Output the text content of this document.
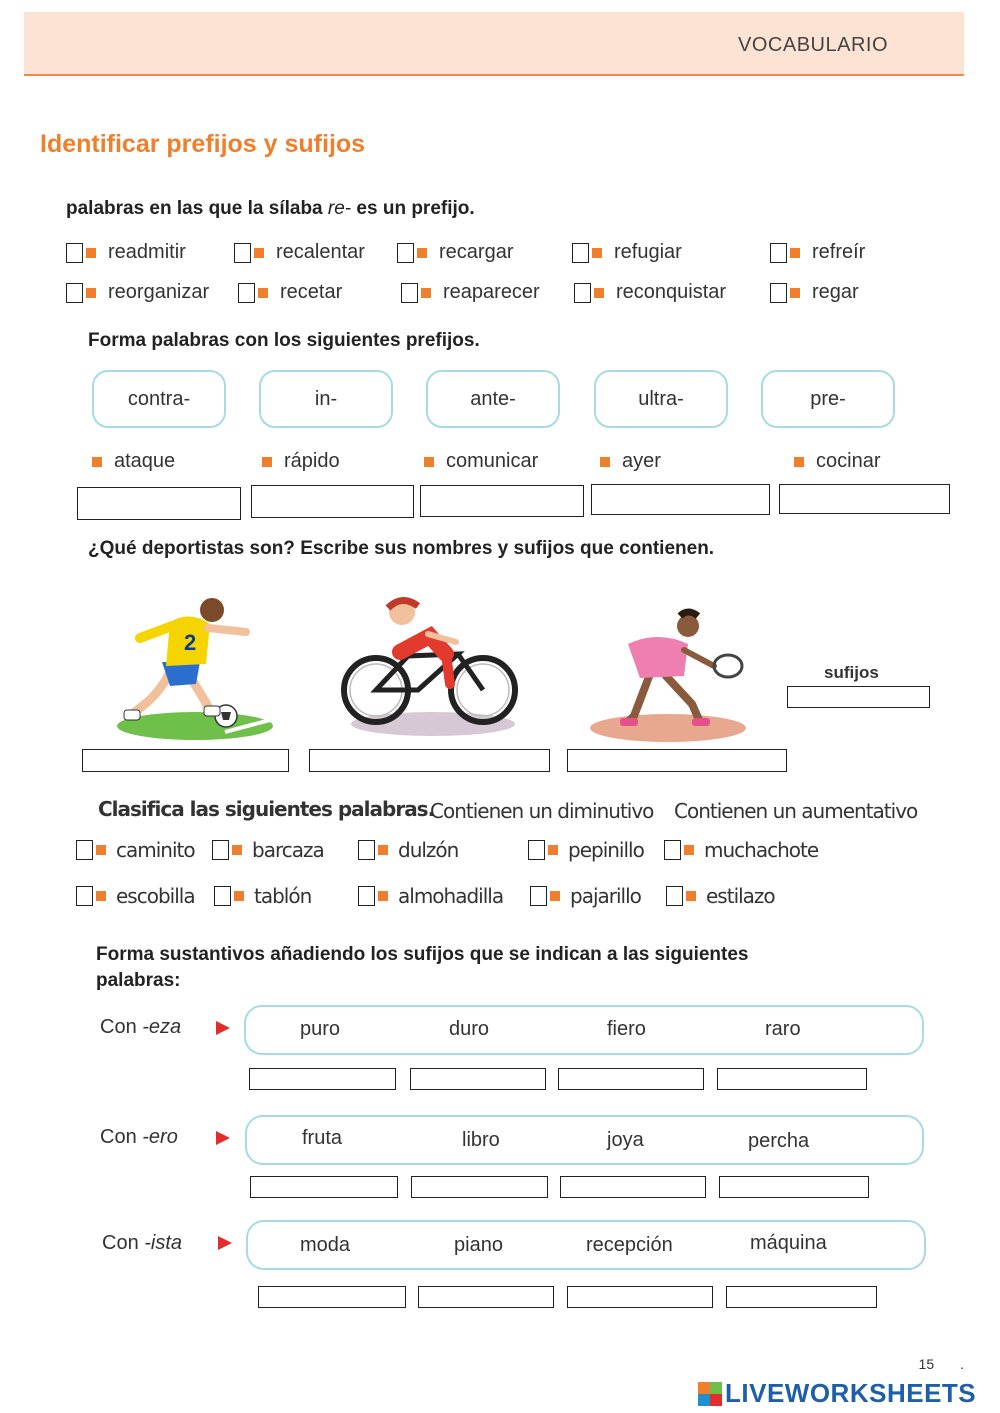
VOCABULARIO
Identificar prefijos y sufijos
palabras en las que la sílaba re- es un prefijo.
readmitir	recalentar	recargar	refugiar	refreír
reorganizar	recetar	reaparecer	reconquistar	regar
Forma palabras con los siguientes prefijos.
contra-	in-	ante-	ultra-	pre-
ataque	rápido	comunicar	ayer	cocinar
¿Qué deportistas son? Escribe sus nombres y sufijos que contienen.
2
sufijos
Clasifica las siguientes palabras.
Contienen un diminutivo Contienen un aumentativo
caminito	barcaza	dulzón	pepinillo	muchachote
escobilla	tablón	almohadilla	pajarillo	estilazo
Forma sustantivos añadiendo los sufijos que se indican a las siguientes
palabras:
Con -eza	puro	duro	fiero	raro
Con -ero	fruta	libro	joya	percha
Con -ista	moda	piano	recepción	máquina
15 .
LIVEWORKSHEETS
